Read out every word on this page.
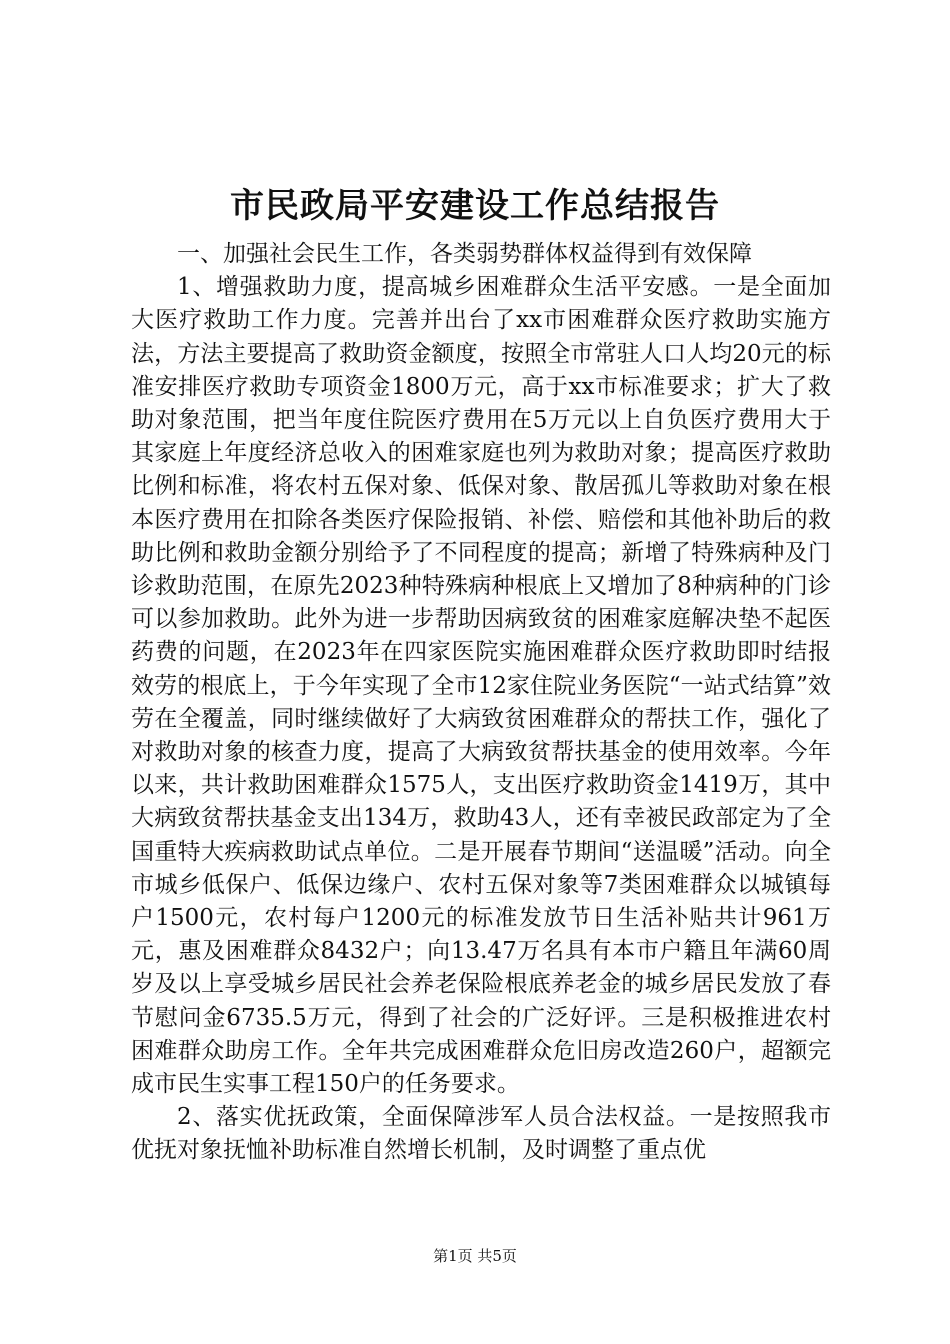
市民政局平安建设工作总结报告

一、加强社会民生工作，各类弱势群体权益得到有效保障

1、增强救助力度，提高城乡困难群众生活平安感。一是全面加大医疗救助工作力度。完善并出台了xx市困难群众医疗救助实施方法，方法主要提高了救助资金额度，按照全市常驻人口人均20元的标准安排医疗救助专项资金1800万元，高于xx市标准要求；扩大了救助对象范围，把当年度住院医疗费用在5万元以上自负医疗费用大于其家庭上年度经济总收入的困难家庭也列为救助对象；提高医疗救助比例和标准，将农村五保对象、低保对象、散居孤儿等救助对象在根本医疗费用在扣除各类医疗保险报销、补偿、赔偿和其他补助后的救助比例和救助金额分别给予了不同程度的提高；新增了特殊病种及门诊救助范围，在原先2023种特殊病种根底上又增加了8种病种的门诊可以参加救助。此外为进一步帮助因病致贫的困难家庭解决垫不起医药费的问题，在2023年在四家医院实施困难群众医疗救助即时结报效劳的根底上，于今年实现了全市12家住院业务医院“一站式结算”效劳在全覆盖，同时继续做好了大病致贫困难群众的帮扶工作，强化了对救助对象的核查力度，提高了大病致贫帮扶基金的使用效率。今年以来，共计救助困难群众1575人，支出医疗救助资金1419万，其中大病致贫帮扶基金支出134万，救助43人，还有幸被民政部定为了全国重特大疾病救助试点单位。二是开展春节期间“送温暖”活动。向全市城乡低保户、低保边缘户、农村五保对象等7类困难群众以城镇每户1500元，农村每户1200元的标准发放节日生活补贴共计961万元，惠及困难群众8432户；向13.47万名具有本市户籍且年满60周岁及以上享受城乡居民社会养老保险根底养老金的城乡居民发放了春节慰问金6735.5万元，得到了社会的广泛好评。三是积极推进农村困难群众助房工作。全年共完成困难群众危旧房改造260户，超额完成市民生实事工程150户的任务要求。

2、落实优抚政策，全面保障涉军人员合法权益。一是按照我市优抚对象抚恤补助标准自然增长机制，及时调整了重点优

第1页 共5页
